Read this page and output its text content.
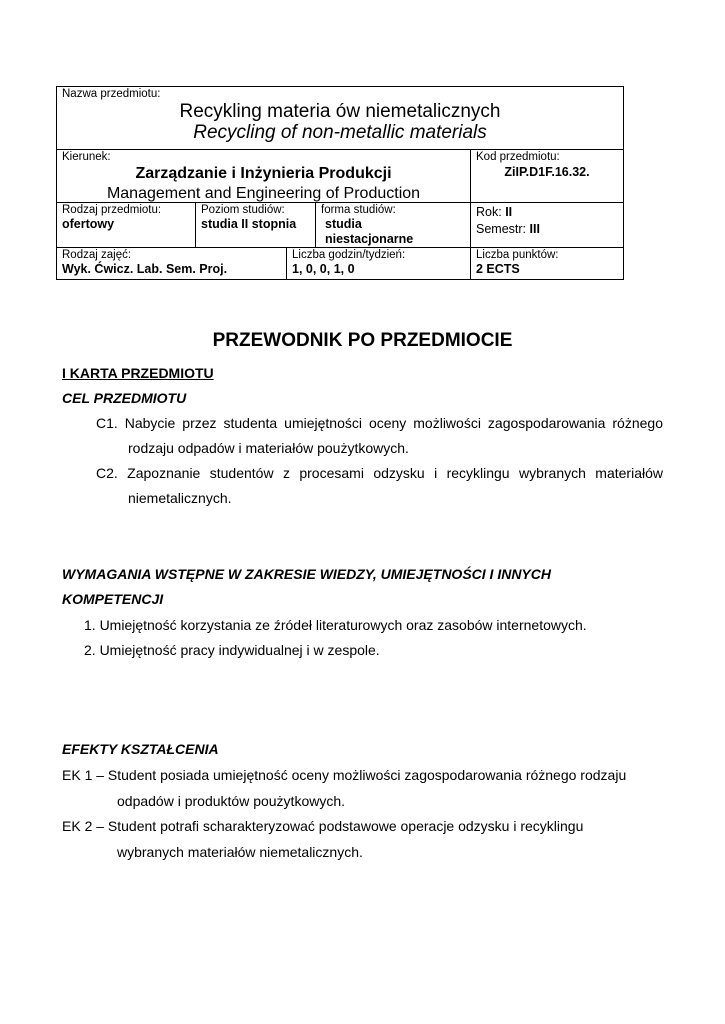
Nazwa przedmiotu:
Recykling materia ów niemetalicznych
Recycling of non-metallic materials
Kierunek:
Zarządzanie i Inżynieria Produkcji
Management and Engineering of Production
Kod przedmiotu:
ZiIP.D1F.16.32.
Rodzaj przedmiotu:
ofertowy
Poziom studiów:
studia II stopnia
forma studiów:
studia niestacjonarne
Rok: II
Semestr: III
Rodzaj zajęć:
Wyk. Ćwicz. Lab. Sem. Proj.
Liczba godzin/tydzień:
1, 0, 0, 1, 0
Liczba punktów:
2 ECTS
PRZEWODNIK PO PRZEDMIOCIE
I KARTA PRZEDMIOTU
CEL PRZEDMIOTU
C1. Nabycie przez studenta umiejętności oceny możliwości zagospodarowania różnego
rodzaju odpadów i materiałów poużytkowych.
C2. Zapoznanie studentów z procesami odzysku i recyklingu wybranych materiałów
niemetalicznych.
WYMAGANIA WSTĘPNE W ZAKRESIE WIEDZY, UMIEJĘTNOŚCI I INNYCH
KOMPETENCJI
1. Umiejętność korzystania ze źródeł literaturowych oraz zasobów internetowych.
2. Umiejętność pracy indywidualnej i w zespole.
EFEKTY KSZTAŁCENIA
EK 1 – Student posiada umiejętność oceny możliwości zagospodarowania różnego rodzaju
odpadów i produktów poużytkowych.
EK 2 – Student potrafi scharakteryzować podstawowe operacje odzysku i recyklingu
wybranych materiałów niemetalicznych.
